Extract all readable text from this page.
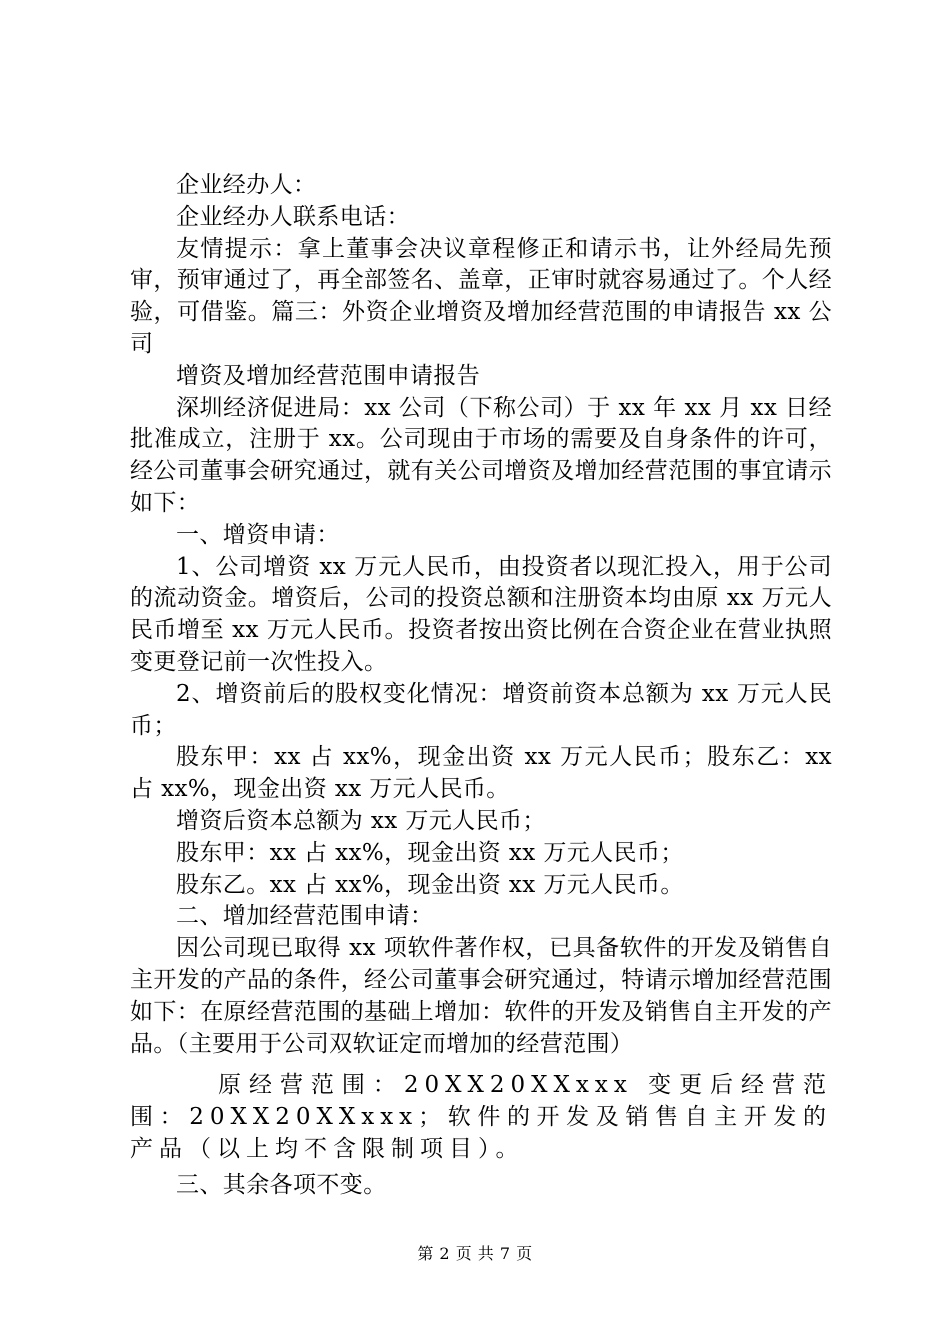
企业经办人：

企业经办人联系电话：

友情提示：拿上董事会决议章程修正和请示书，让外经局先预审，预审通过了，再全部签名、盖章，正审时就容易通过了。个人经验，可借鉴。篇三：外资企业增资及增加经营范围的申请报告 xx 公司

增资及增加经营范围申请报告

深圳经济促进局：xx 公司（下称公司）于 xx 年 xx 月 xx 日经批准成立，注册于 xx。公司现由于市场的需要及自身条件的许可，经公司董事会研究通过，就有关公司增资及增加经营范围的事宜请示如下：

一、增资申请：

1、公司增资 xx 万元人民币，由投资者以现汇投入，用于公司的流动资金。增资后，公司的投资总额和注册资本均由原 xx 万元人民币增至 xx 万元人民币。投资者按出资比例在合资企业在营业执照变更登记前一次性投入。

2、增资前后的股权变化情况：增资前资本总额为 xx 万元人民币；

股东甲：xx 占 xx%，现金出资 xx 万元人民币；股东乙：xx 占 xx%，现金出资 xx 万元人民币。

增资后资本总额为 xx 万元人民币；

股东甲：xx 占 xx%，现金出资 xx 万元人民币；

股东乙。xx 占 xx%，现金出资 xx 万元人民币。

二、增加经营范围申请：

因公司现已取得 xx 项软件著作权，已具备软件的开发及销售自主开发的产品的条件，经公司董事会研究通过，特请示增加经营范围如下：在原经营范围的基础上增加：软件的开发及销售自主开发的产品。（主要用于公司双软证定而增加的经营范围）

原经营范围：20XX20XXxxx 变更后经营范围：20XX20XXxxx；软件的开发及销售自主开发的产品（以上均不含限制项目）。

三、其余各项不变。

第 2 页 共 7 页
